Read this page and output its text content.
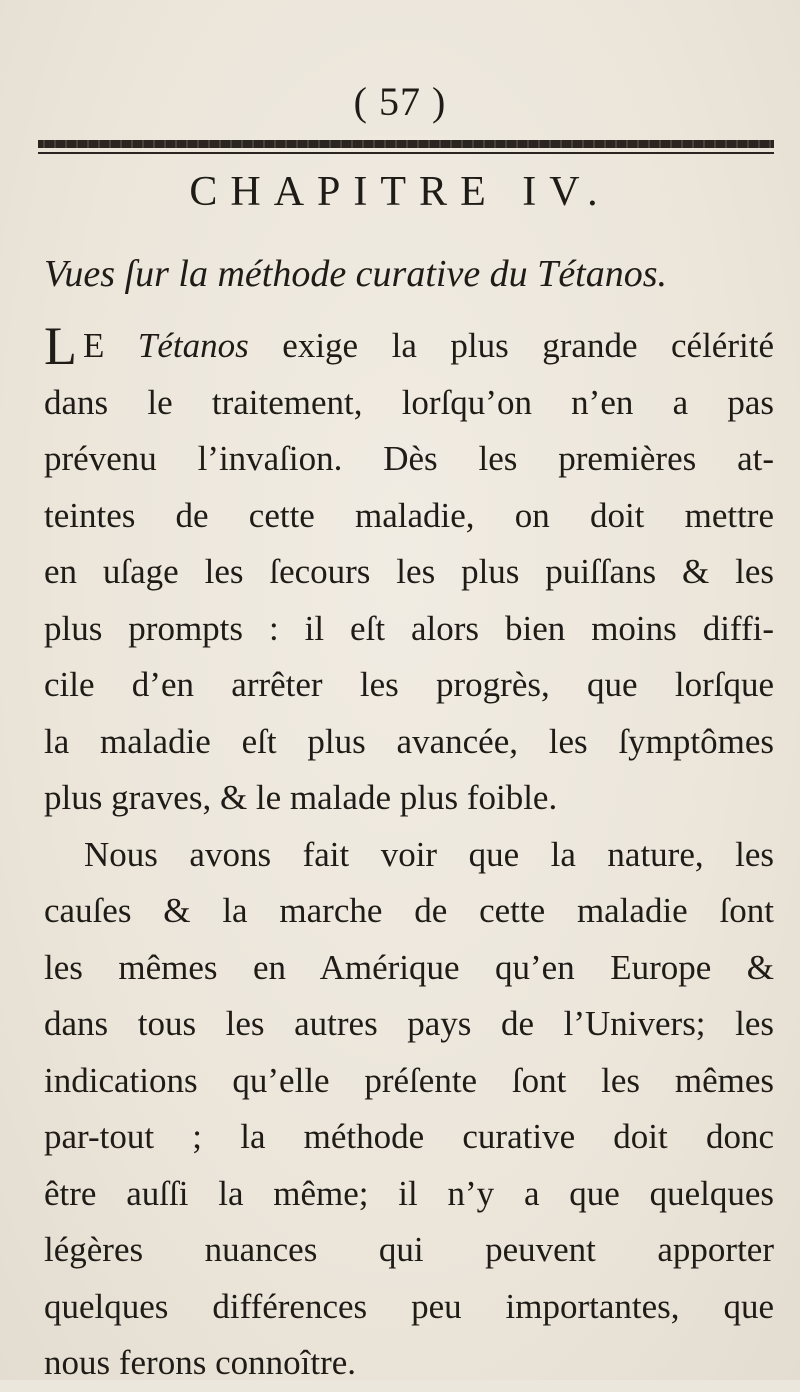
( 57 )
CHAPITRE IV.
Vues ſur la méthode curative du Tétanos.
L E Tétanos exige la plus grande célérité
dans le traitement, lorſqu’on n’en a pas
prévenu l’invaſion. Dès les premières at-
teintes de cette maladie, on doit mettre
en uſage les ſecours les plus puiſſans & les
plus prompts : il eſt alors bien moins diffi-
cile d’en arrêter les progrès, que lorſque
la maladie eſt plus avancée, les ſymptômes
plus graves, & le malade plus foible.
Nous avons fait voir que la nature, les
cauſes & la marche de cette maladie ſont
les mêmes en Amérique qu’en Europe &
dans tous les autres pays de l’Univers; les
indications qu’elle préſente ſont les mêmes
par-tout ; la méthode curative doit donc
être auſſi la même; il n’y a que quelques
légères nuances qui peuvent apporter
quelques différences peu importantes, que
nous ferons connoître.
